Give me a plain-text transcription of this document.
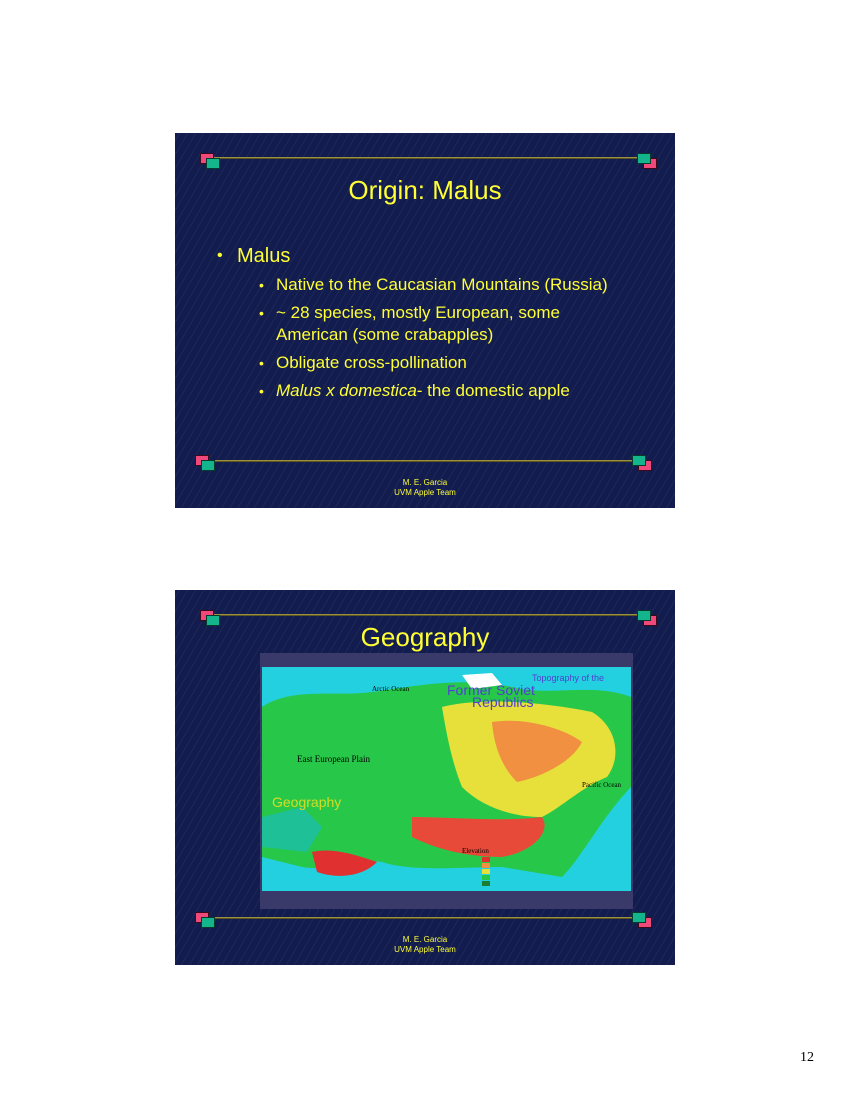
Origin: Malus
• Malus
• Native to the Caucasian Mountains (Russia)
• ~ 28 species, mostly European, some American (some crabapples)
• Obligate cross-pollination
• Malus x domestica- the domestic apple
M. E. Garcia
UVM Apple Team
Geography
Topography of the
Former Soviet
Republics
East European Plain
Arctic Ocean
Pacific Ocean
Elevation
Geography
M. E. Garcia
UVM Apple Team
12
